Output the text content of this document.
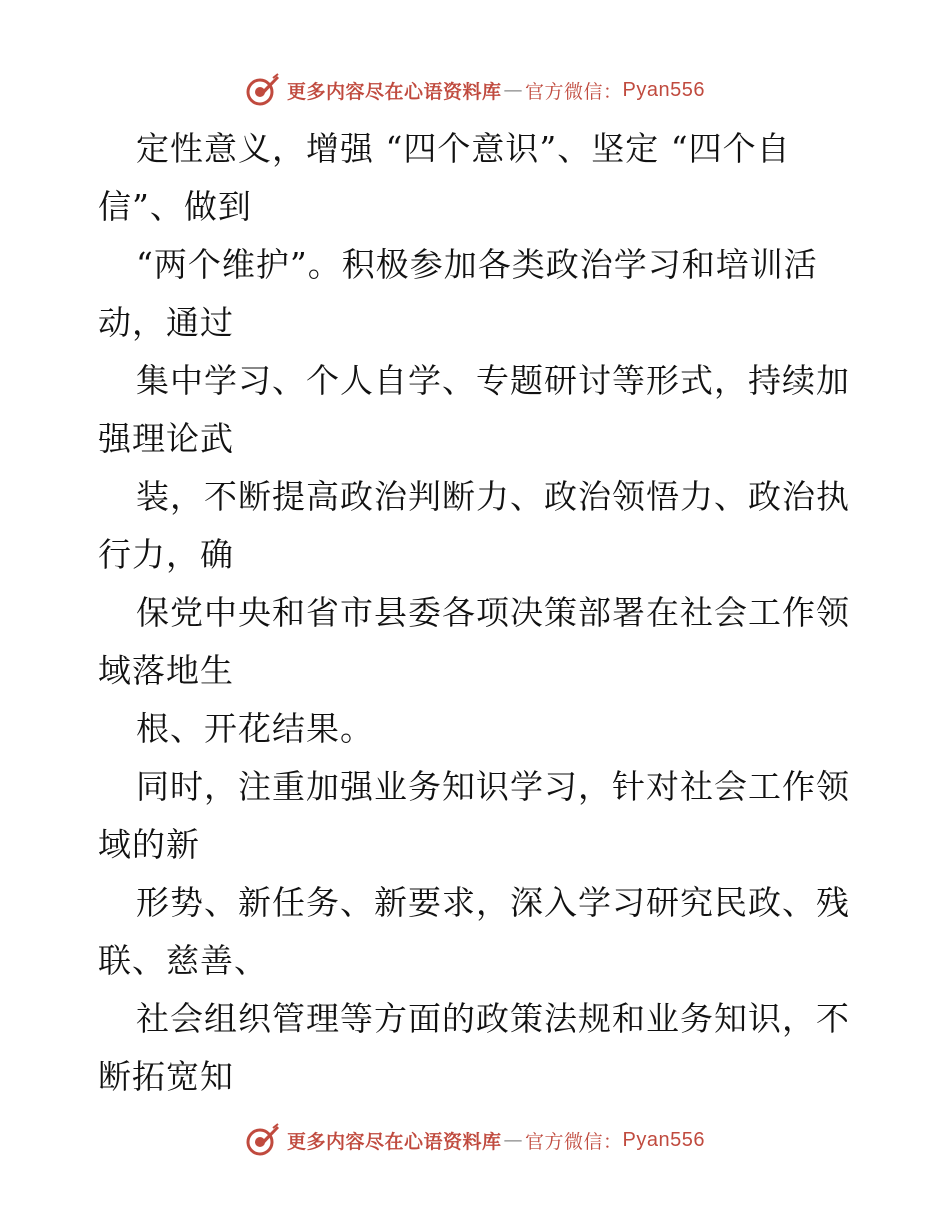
更多内容尽在心语资料库 — 官方微信： Pyan556
定性意义，增强 “四个意识”、坚定 “四个自
信”、做到
“两个维护”。积极参加各类政治学习和培训活
动，通过
集中学习、个人自学、专题研讨等形式，持续加
强理论武
装，不断提高政治判断力、政治领悟力、政治执
行力，确
保党中央和省市县委各项决策部署在社会工作领
域落地生
根、开花结果。
同时，注重加强业务知识学习，针对社会工作领
域的新
形势、新任务、新要求，深入学习研究民政、残
联、慈善、
社会组织管理等方面的政策法规和业务知识，不
断拓宽知
更多内容尽在心语资料库 — 官方微信： Pyan556
